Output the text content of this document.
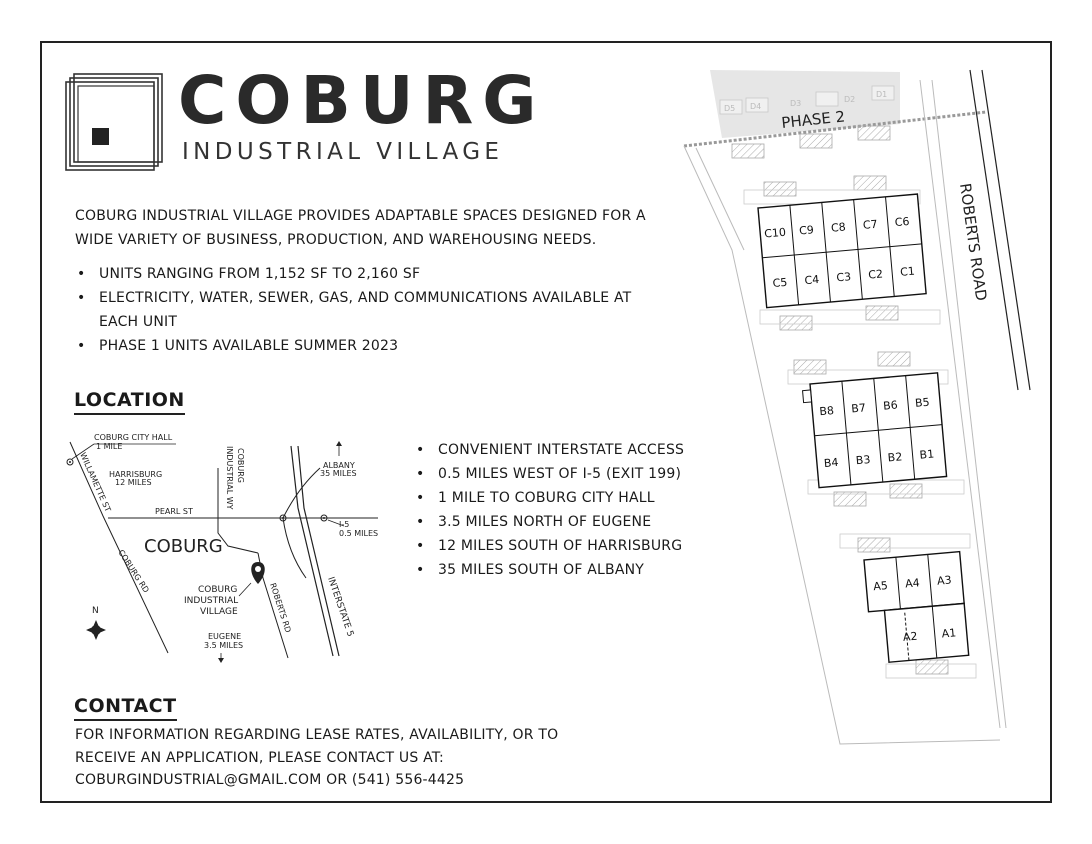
COBURG
INDUSTRIAL VILLAGE
COBURG INDUSTRIAL VILLAGE PROVIDES ADAPTABLE SPACES DESIGNED FOR A WIDE VARIETY OF BUSINESS, PRODUCTION, AND WAREHOUSING NEEDS.
• UNITS RANGING FROM 1,152 SF TO 2,160 SF
• ELECTRICITY, WATER, SEWER, GAS, AND COMMUNICATIONS AVAILABLE AT EACH UNIT
• PHASE 1 UNITS AVAILABLE SUMMER 2023
LOCATION
COBURG CITY HALL
1 MILE
HARRISBURG
12 MILES
WILLAMETTE ST	COBURG
INDUSTRIAL WY	ALBANY
35 MILES
PEARL ST
I-5
0.5 MILES
COBURG
COBURG RD	COBURG
INDUSTRIAL
VILLAGE	ROBERTS RD	INTERSTATE 5
EUGENE
3.5 MILES
N
• CONVENIENT INTERSTATE ACCESS
• 0.5 MILES WEST OF I-5 (EXIT 199)
• 1 MILE TO COBURG CITY HALL
• 3.5 MILES NORTH OF EUGENE
• 12 MILES SOUTH OF HARRISBURG
• 35 MILES SOUTH OF ALBANY
CONTACT
FOR INFORMATION REGARDING LEASE RATES, AVAILABILITY, OR TO
RECEIVE AN APPLICATION, PLEASE CONTACT US AT:
COBURGINDUSTRIAL@GMAIL.COM OR (541) 556-4425
D5 D4	D3	D2
D1
PHASE 2
ROBERTS ROAD
C10 C9 C8 C7 C6
C5 C4 C3 C2 C1
B8 B7 B6 B5
B4 B3 B2 B1
A5 A4 A3
A2 A1
